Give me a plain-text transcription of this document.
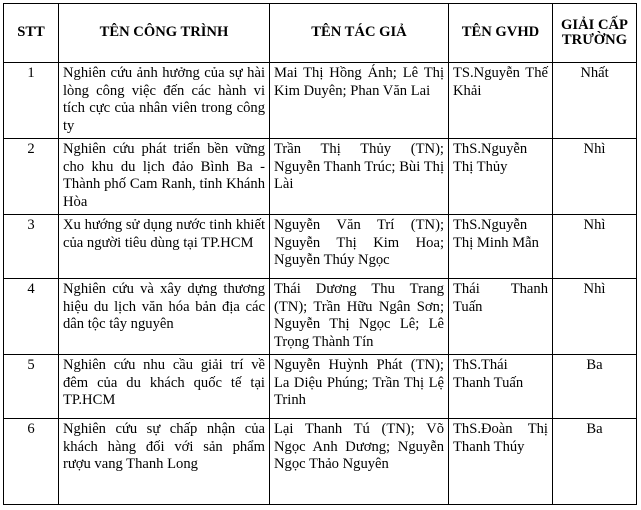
STT	TÊN CÔNG TRÌNH	TÊN TÁC GIẢ	TÊN GVHD	GIẢI CẤP TRƯỜNG
1	Nghiên cứu ảnh hưởng của sự hài lòng công việc đến các hành vi tích cực của nhân viên trong công ty	Mai Thị Hồng Ánh; Lê Thị Kim Duyên; Phan Văn Lai	TS.Nguyễn Thế Khải	Nhất
2	Nghiên cứu phát triển bền vững cho khu du lịch đảo Bình Ba - Thành phố Cam Ranh, tỉnh Khánh Hòa	Trần Thị Thủy (TN); Nguyễn Thanh Trúc; Bùi Thị Lài	ThS.Nguyễn Thị Thủy	Nhì
3	Xu hướng sử dụng nước tinh khiết của người tiêu dùng tại TP.HCM	Nguyễn Văn Trí (TN); Nguyễn Thị Kim Hoa; Nguyễn Thúy Ngọc	ThS.Nguyễn Thị Minh Mẫn	Nhì
4	Nghiên cứu và xây dựng thương hiệu du lịch văn hóa bản địa các dân tộc tây nguyên	Thái Dương Thu Trang (TN); Trần Hữu Ngân Sơn; Nguyễn Thị Ngọc Lê; Lê Trọng Thành Tín	Thái Thanh Tuấn	Nhì
5	Nghiên cứu nhu cầu giải trí về đêm của du khách quốc tế tại TP.HCM	Nguyễn Huỳnh Phát (TN); La Diệu Phúng; Trần Thị Lệ Trinh	ThS.Thái Thanh Tuấn	Ba
6	Nghiên cứu sự chấp nhận của khách hàng đối với sản phẩm rượu vang Thanh Long	Lại Thanh Tú (TN); Võ Ngọc Anh Dương; Nguyễn Ngọc Thảo Nguyên	ThS.Đoàn Thị Thanh Thúy	Ba
